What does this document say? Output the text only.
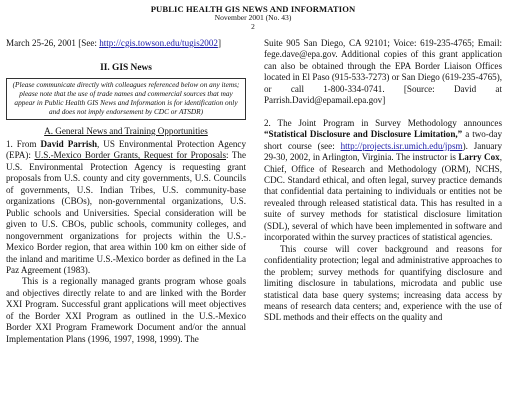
PUBLIC HEALTH GIS NEWS AND INFORMATION
November 2001 (No. 43)
2

March 25-26, 2001 [See: http://cgis.towson.edu/tugis2002]

II. GIS News
(Please communicate directly with colleagues referenced below on any items; please note that the use of trade names and commercial sources that may appear in Public Health GIS News and Information is for identification only and does not imply endorsement by CDC or ATSDR)
A. General News and Training Opportunities

1. From David Parrish, US Environmental Protection Agency (EPA): U.S.-Mexico Border Grants, Request for Proposals: The U.S. Environmental Protection Agency is requesting grant proposals from U.S. county and city governments, U.S. Councils of governments, U.S. Indian Tribes, U.S. community-base organizations (CBOs), non-governmental organizations, U.S. Public schools and Universities. Special consideration will be given to U.S. CBOs, public schools, community colleges, and nongovernment organizations for projects within the U.S.-Mexico Border region, that area within 100 km on either side of the inland and maritime U.S.-Mexico border as defined in the La Paz Agreement (1983).

This is a regionally managed grants program whose goals and objectives directly relate to and are linked with the Border XXI Program. Successful grant applications will meet objectives of the Border XXI Program as outlined in the U.S.-Mexico Border XXI Program Framework Document and/or the annual Implementation Plans (1996, 1997, 1998, 1999). The

Suite 905 San Diego, CA 92101; Voice: 619-235-4765; Email: fege.dave@epa.gov. Additional copies of this grant application can also be obtained through the EPA Border Liaison Offices located in El Paso (915-533-7273) or San Diego (619-235-4765), or call 1-800-334-0741. [Source: David at Parrish.David@epamail.epa.gov]

2. The Joint Program in Survey Methodology announces “Statistical Disclosure and Disclosure Limitation,” a two-day short course (see: http://projects.isr.umich.edu/jpsm). January 29-30, 2002, in Arlington, Virginia. The instructor is Larry Cox, Chief, Office of Research and Methodology (ORM), NCHS, CDC. Standard ethical, and often legal, survey practice demands that confidential data pertaining to individuals or entities not be revealed through released statistical data. This has resulted in a suite of survey methods for statistical disclosure limitation (SDL), several of which have been implemented in software and incorporated within the survey practices of statistical agencies.

This course will cover background and reasons for confidentiality protection; legal and administrative approaches to the problem; survey methods for quantifying disclosure and limiting disclosure in tabulations, microdata and public use statistical data base query systems; increasing data access by means of research data centers; and, experience with the use of SDL methods and their effects on the quality and
